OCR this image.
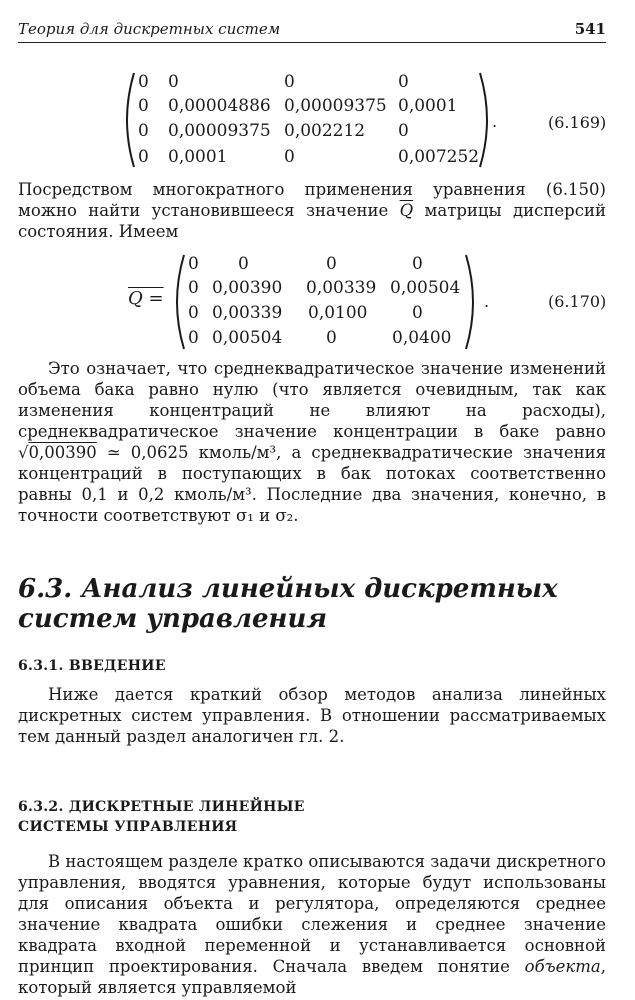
Теория для дискретных систем	541
0 0	0	0
0 0,00004886 0,00009375 0,0001
0 0,00009375 0,002212 0
0 0,0001	0	0,007252
.	(6.169)
Посредством многократного применения уравнения (6.150) можно найти установившееся значение $\overline{Q}$ матрицы дисперсий состояния. Имеем
Q =
0 0	0	0
0 0,00390 0,00339 0,00504
0 0,00339 0,0100	0
0 0,00504	0	0,0400
.	(6.170)
Это означает, что среднеквадратическое значение изменений объема бака равно нулю (что является очевидным, так как изменения концентраций не влияют на расходы), среднеквадратическое значение концентрации в баке равно √0,00390 ≃ 0,0625 кмоль/м³, а среднеквадратические значения концентраций в поступающих в бак потоках соответственно равны 0,1 и 0,2 кмоль/м³. Последние два значения, конечно, в точности соответствуют σ₁ и σ₂.
6.3. Анализ линейных дискретных
систем управления
6.3.1. ВВЕДЕНИЕ
Ниже дается краткий обзор методов анализа линейных дискретных систем управления. В отношении рассматриваемых тем данный раздел аналогичен гл. 2.
6.3.2. ДИСКРЕТНЫЕ ЛИНЕЙНЫЕ
СИСТЕМЫ УПРАВЛЕНИЯ
В настоящем разделе кратко описываются задачи дискретного управления, вводятся уравнения, которые будут использованы для описания объекта и регулятора, определяются среднее значение квадрата ошибки слежения и среднее значение квадрата входной переменной и устанавливается основной принцип проектирования. Сначала введем понятие объекта, который является управляемой
